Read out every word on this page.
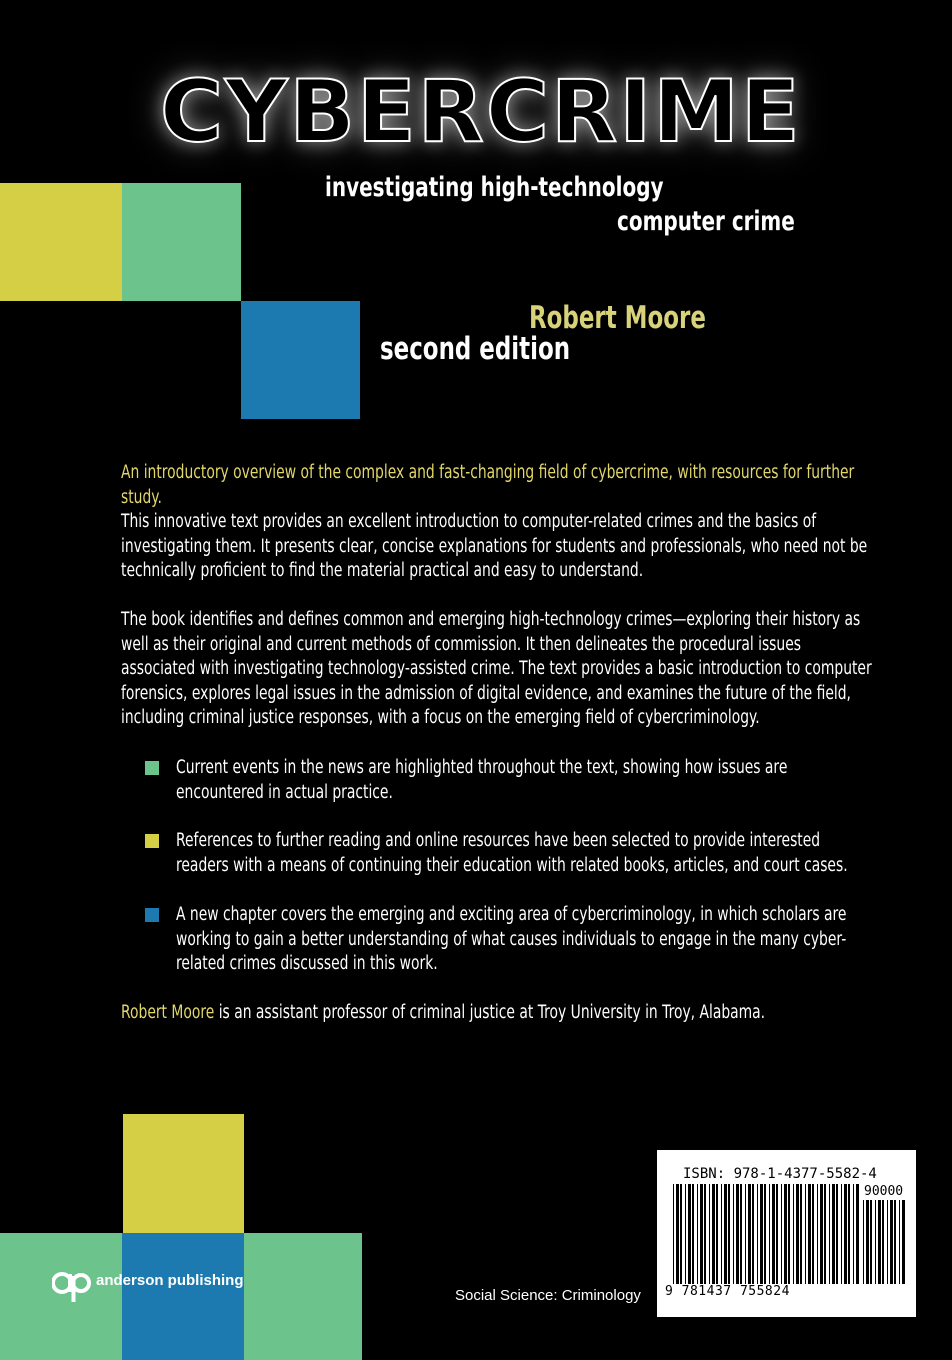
CYBERCRIME
investigating high-technology
computer crime
Robert Moore
second edition
An introductory overview of the complex and fast-changing field of cybercrime, with resources for further study.
This innovative text provides an excellent introduction to computer-related crimes and the basics of investigating them. It presents clear, concise explanations for students and professionals, who need not be technically proficient to find the material practical and easy to understand.
The book identifies and defines common and emerging high-technology crimes—exploring their history as well as their original and current methods of commission. It then delineates the procedural issues associated with investigating technology-assisted crime. The text provides a basic introduction to computer forensics, explores legal issues in the admission of digital evidence, and examines the future of the field, including criminal justice responses, with a focus on the emerging field of cybercriminology.
Current events in the news are highlighted throughout the text, showing how issues are encountered in actual practice.
References to further reading and online resources have been selected to provide interested readers with a means of continuing their education with related books, articles, and court cases.
A new chapter covers the emerging and exciting area of cybercriminology, in which scholars are working to gain a better understanding of what causes individuals to engage in the many cyber-related crimes discussed in this work.
Robert Moore is an assistant professor of criminal justice at Troy University in Troy, Alabama.
ap
anderson publishing
Social Science: Criminology
ISBN: 978-1-4377-5582-4
90000
9 781437 755824
